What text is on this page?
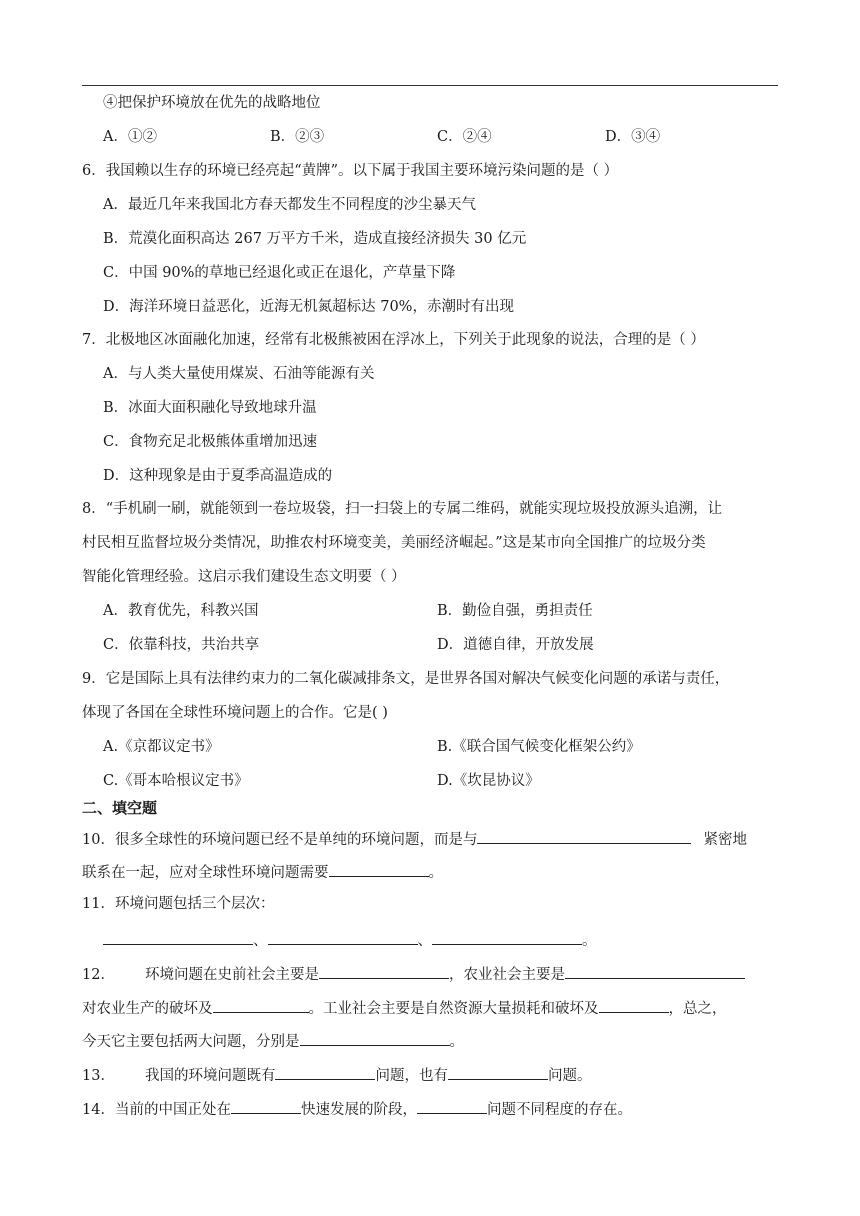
④把保护环境放在优先的战略地位
A．①②	B．②③	C．②④	D．③④
6．我国赖以生存的环境已经亮起“黄牌”。以下属于我国主要环境污染问题的是（ ）
A．最近几年来我国北方春天都发生不同程度的沙尘暴天气
B．荒漠化面积高达 267 万平方千米，造成直接经济损失 30 亿元
C．中国 90%的草地已经退化或正在退化，产草量下降
D．海洋环境日益恶化，近海无机氮超标达 70%，赤潮时有出现
7．北极地区冰面融化加速，经常有北极熊被困在浮冰上，下列关于此现象的说法，合理的是（ ）
A．与人类大量使用煤炭、石油等能源有关
B．冰面大面积融化导致地球升温
C．食物充足北极熊体重增加迅速
D．这种现象是由于夏季高温造成的
8．“手机刷一刷，就能领到一卷垃圾袋，扫一扫袋上的专属二维码，就能实现垃圾投放源头追溯，让
村民相互监督垃圾分类情况，助推农村环境变美，美丽经济崛起。”这是某市向全国推广的垃圾分类
智能化管理经验。这启示我们建设生态文明要（ ）
A．教育优先，科教兴国	B．勤俭自强，勇担责任
C．依靠科技，共治共享	D．道德自律，开放发展
9．它是国际上具有法律约束力的二氧化碳减排条文，是世界各国对解决气候变化问题的承诺与责任，
体现了各国在全球性环境问题上的合作。它是( )
A.《京都议定书》	B.《联合国气候变化框架公约》
C.《哥本哈根议定书》	D.《坎昆协议》
二、填空题
10．很多全球性的环境问题已经不是单纯的环境问题，而是与	紧密地
联系在一起，应对全球性环境问题需要	。
11．环境问题包括三个层次：
、	、	。
12． 环境问题在史前社会主要是	，农业社会主要是
对农业生产的破坏及	。工业社会主要是自然资源大量损耗和破坏及	，总之，
今天它主要包括两大问题，分别是	。
13． 我国的环境问题既有	问题，也有	问题。
14．当前的中国正处在	快速发展的阶段，	问题不同程度的存在。
